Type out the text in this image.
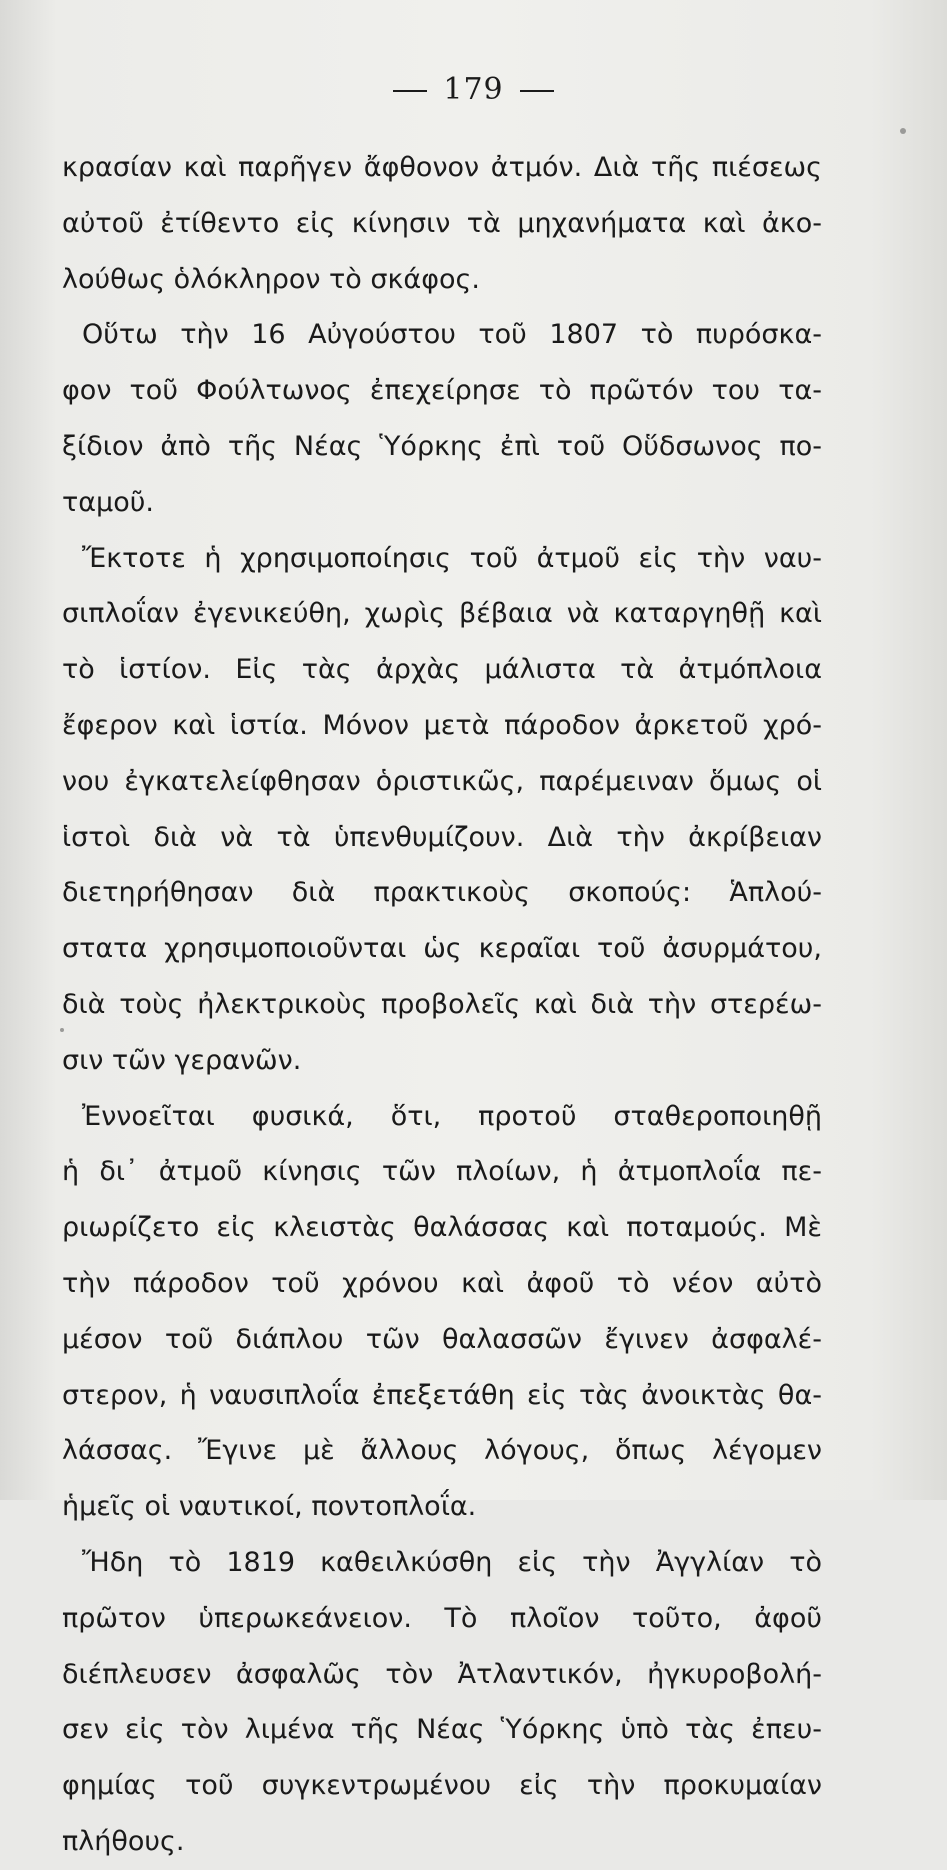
179
κρασίαν καὶ παρῆγεν ἄφθονον ἀτμόν. Διὰ τῆς πιέσεως
αὐτοῦ ἐτίθεντο εἰς κίνησιν τὰ μηχανήματα καὶ ἀκο-
λούθως ὁλόκληρον τὸ σκάφος.
Οὕτω τὴν 16 Αὐγούστου τοῦ 1807 τὸ πυρόσκα-
φον τοῦ Φούλτωνος ἐπεχείρησε τὸ πρῶτόν του τα-
ξίδιον ἀπὸ τῆς Νέας Ὑόρκης ἐπὶ τοῦ Οὕδσωνος πο-
ταμοῦ.
Ἔκτοτε ἡ χρησιμοποίησις τοῦ ἀτμοῦ εἰς τὴν ναυ-
σιπλοΐαν ἐγενικεύθη, χωρὶς βέβαια νὰ καταργηθῇ καὶ
τὸ ἱστίον. Εἰς τὰς ἀρχὰς μάλιστα τὰ ἀτμόπλοια
ἔφερον καὶ ἱστία. Μόνον μετὰ πάροδον ἀρκετοῦ χρό-
νου ἐγκατελείφθησαν ὁριστικῶς, παρέμειναν ὅμως οἱ
ἱστοὶ διὰ νὰ τὰ ὑπενθυμίζουν. Διὰ τὴν ἀκρίβειαν
διετηρήθησαν διὰ πρακτικοὺς σκοπούς: Ἁπλού-
στατα χρησιμοποιοῦνται ὡς κεραῖαι τοῦ ἀσυρμάτου,
διὰ τοὺς ἠλεκτρικοὺς προβολεῖς καὶ διὰ τὴν στερέω-
σιν τῶν γερανῶν.
Ἐννοεῖται φυσικά, ὅτι, προτοῦ σταθεροποιηθῇ
ἡ δι᾿ ἀτμοῦ κίνησις τῶν πλοίων, ἡ ἀτμοπλοΐα πε-
ριωρίζετο εἰς κλειστὰς θαλάσσας καὶ ποταμούς. Μὲ
τὴν πάροδον τοῦ χρόνου καὶ ἀφοῦ τὸ νέον αὐτὸ
μέσον τοῦ διάπλου τῶν θαλασσῶν ἔγινεν ἀσφαλέ-
στερον, ἡ ναυσιπλοΐα ἐπεξετάθη εἰς τὰς ἀνοικτὰς θα-
λάσσας. Ἔγινε μὲ ἄλλους λόγους, ὅπως λέγομεν
ἡμεῖς οἱ ναυτικοί, ποντοπλοΐα.
Ἤδη τὸ 1819 καθειλκύσθη εἰς τὴν Ἀγγλίαν τὸ
πρῶτον ὑπερωκεάνειον. Τὸ πλοῖον τοῦτο, ἀφοῦ
διέπλευσεν ἀσφαλῶς τὸν Ἀτλαντικόν, ἠγκυροβολή-
σεν εἰς τὸν λιμένα τῆς Νέας Ὑόρκης ὑπὸ τὰς ἐπευ-
φημίας τοῦ συγκεντρωμένου εἰς τὴν προκυμαίαν
πλήθους.
